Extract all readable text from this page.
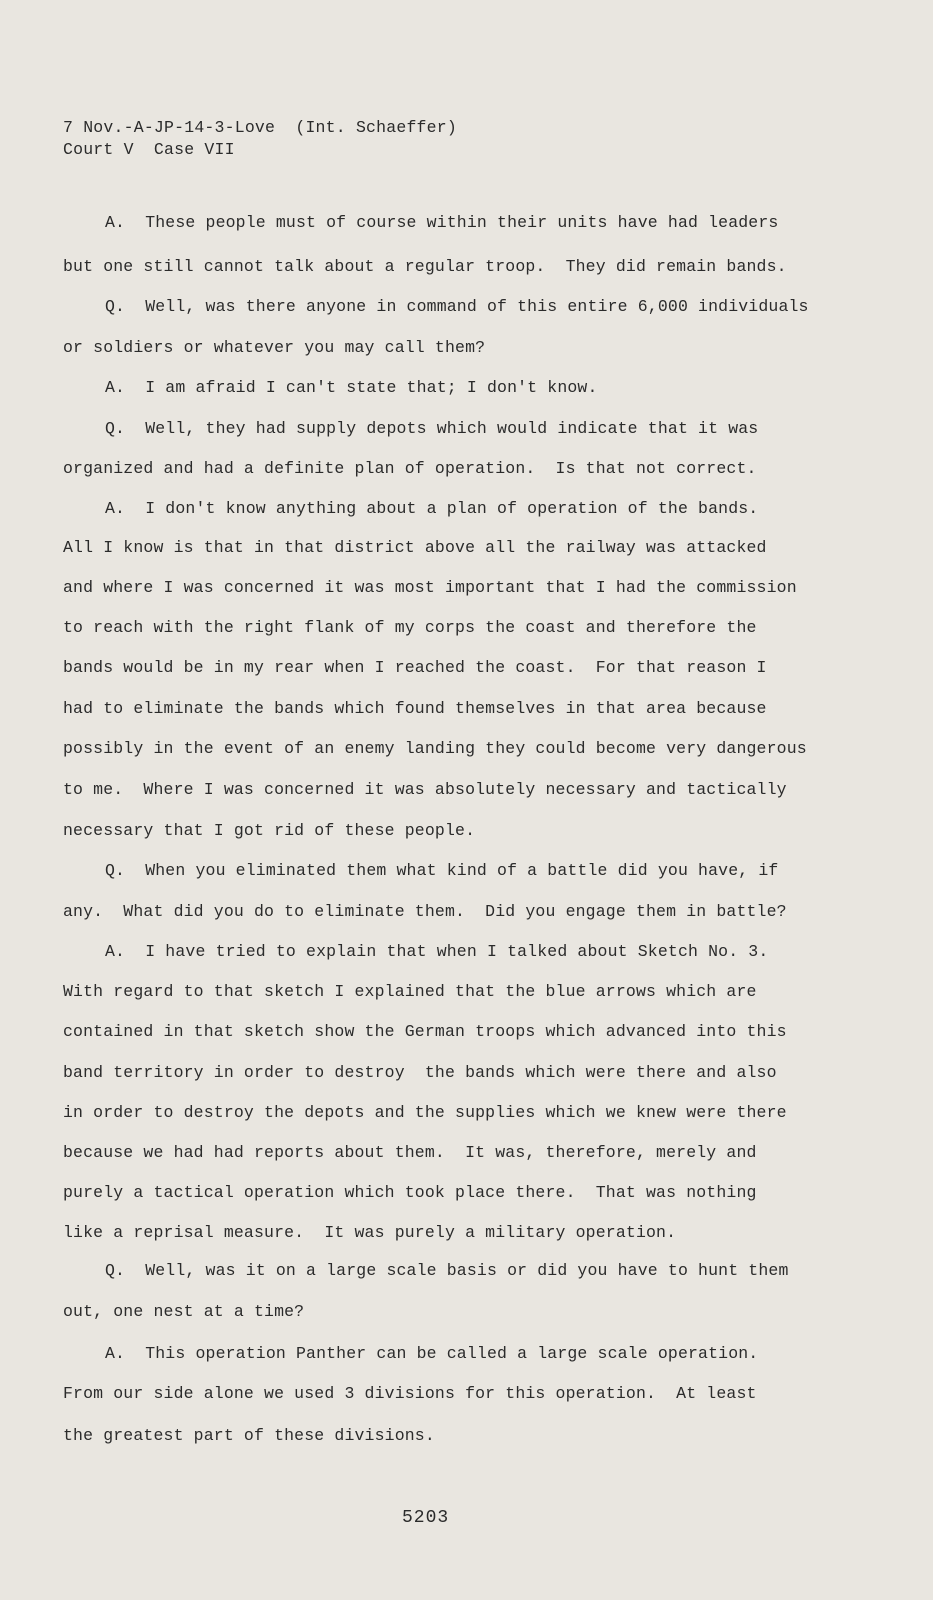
7 Nov.-A-JP-14-3-Love  (Int. Schaeffer)
Court V  Case VII
A.  These people must of course within their units have had leaders
but one still cannot talk about a regular troop.  They did remain bands.
Q.  Well, was there anyone in command of this entire 6,000 individuals
or soldiers or whatever you may call them?
A.  I am afraid I can't state that; I don't know.
Q.  Well, they had supply depots which would indicate that it was
organized and had a definite plan of operation.  Is that not correct.
A.  I don't know anything about a plan of operation of the bands.
All I know is that in that district above all the railway was attacked
and where I was concerned it was most important that I had the commission
to reach with the right flank of my corps the coast and therefore the
bands would be in my rear when I reached the coast.  For that reason I
had to eliminate the bands which found themselves in that area because
possibly in the event of an enemy landing they could become very dangerous
to me.  Where I was concerned it was absolutely necessary and tactically
necessary that I got rid of these people.
Q.  When you eliminated them what kind of a battle did you have, if
any.  What did you do to eliminate them.  Did you engage them in battle?
A.  I have tried to explain that when I talked about Sketch No. 3.
With regard to that sketch I explained that the blue arrows which are
contained in that sketch show the German troops which advanced into this
band territory in order to destroy  the bands which were there and also
in order to destroy the depots and the supplies which we knew were there
because we had had reports about them.  It was, therefore, merely and
purely a tactical operation which took place there.  That was nothing
like a reprisal measure.  It was purely a military operation.
Q.  Well, was it on a large scale basis or did you have to hunt them
out, one nest at a time?
A.  This operation Panther can be called a large scale operation.
From our side alone we used 3 divisions for this operation.  At least
the greatest part of these divisions.
5203
